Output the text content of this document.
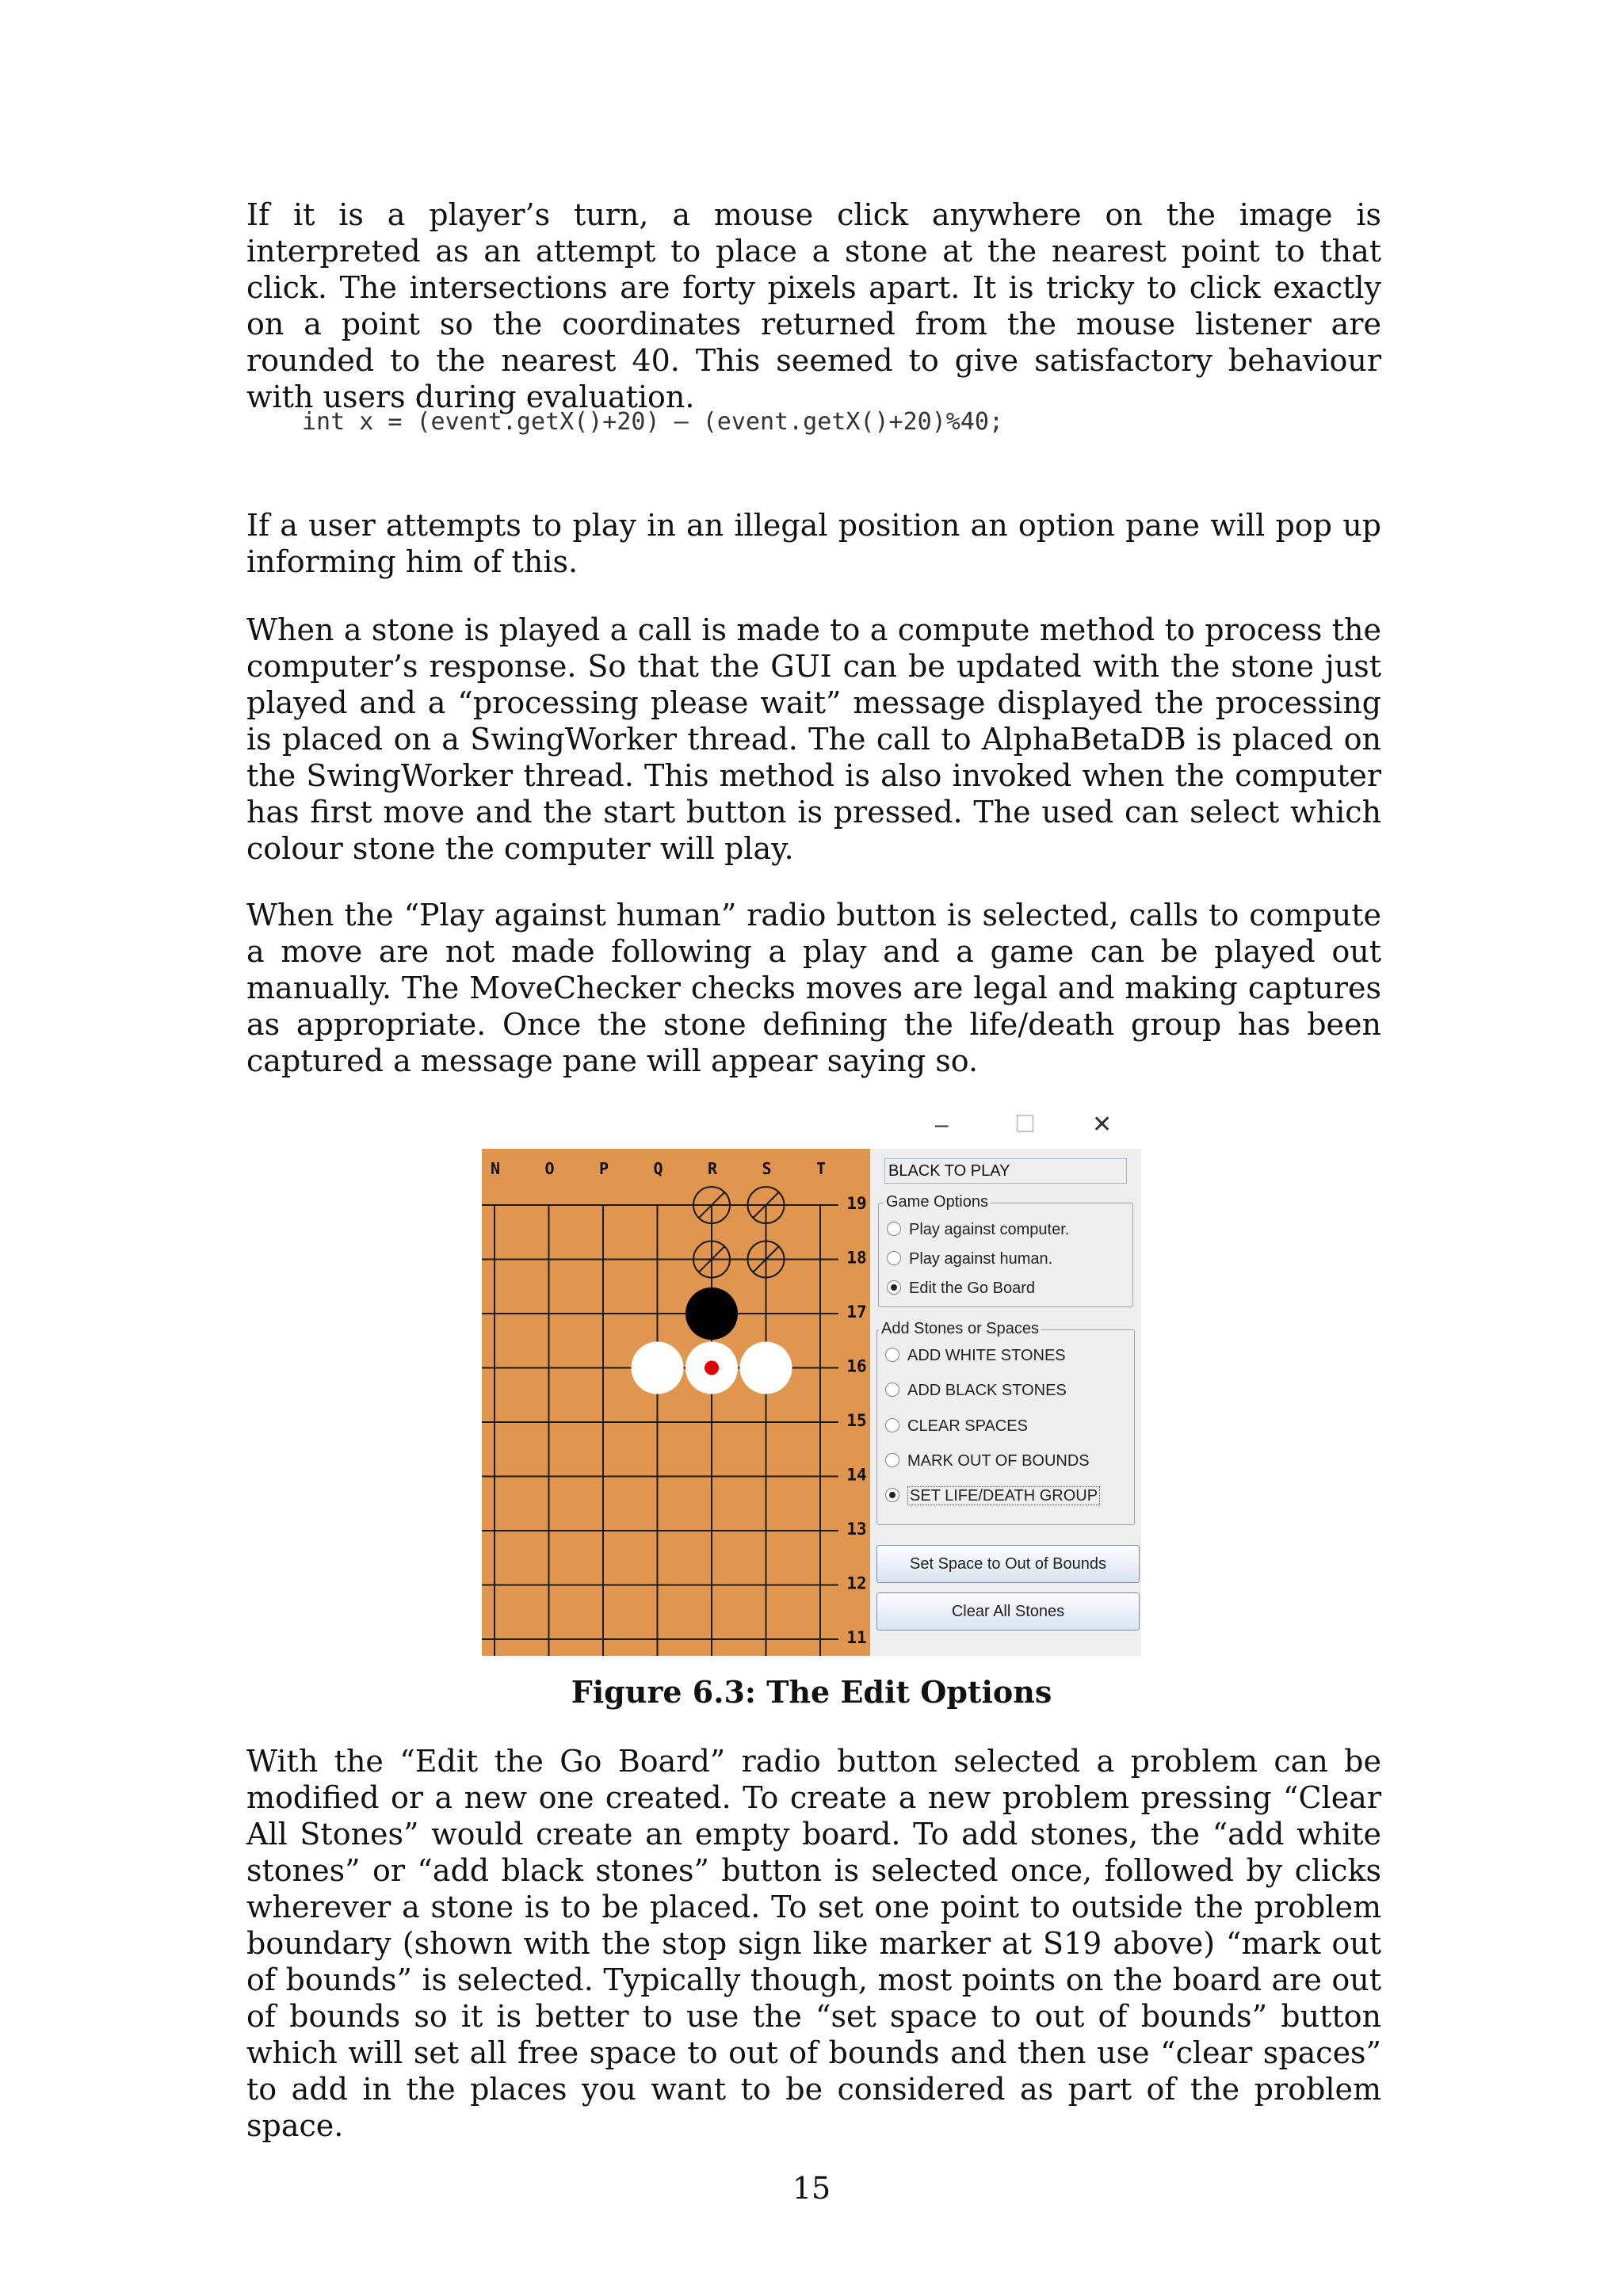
If it is a player’s turn, a mouse click anywhere on the image is interpreted as an attempt to place a stone at the nearest point to that click. The intersections are forty pixels apart. It is tricky to click exactly on a point so the coordinates returned from the mouse listener are rounded to the nearest 40. This seemed to give satisfactory behaviour with users during evaluation.

int x = (event.getX()+20) – (event.getX()+20)%40;

If a user attempts to play in an illegal position an option pane will pop up informing him of this.

When a stone is played a call is made to a compute method to process the computer’s response. So that the GUI can be updated with the stone just played and a “processing please wait” message displayed the processing is placed on a SwingWorker thread. The call to AlphaBetaDB is placed on the SwingWorker thread. This method is also invoked when the computer has first move and the start button is pressed. The used can select which colour stone the computer will play.

When the “Play against human” radio button is selected, calls to compute a move are not made following a play and a game can be played out manually. The MoveChecker checks moves are legal and making captures as appropriate. Once the stone defining the life/death group has been captured a message pane will appear saying so.

–	☐ ✕
N	O	P	Q	R	S	T
19
18
17
16
15
14
13
12
11
BLACK TO PLAY
Game Options
Play against computer.
Play against human.
Edit the Go Board
Add Stones or Spaces
ADD WHITE STONES
ADD BLACK STONES
CLEAR SPACES
MARK OUT OF BOUNDS
SET LIFE/DEATH GROUP
Set Space to Out of Bounds
Clear All Stones

Figure 6.3: The Edit Options

With the “Edit the Go Board” radio button selected a problem can be modified or a new one created. To create a new problem pressing “Clear All Stones” would create an empty board. To add stones, the “add white stones” or “add black stones” button is selected once, followed by clicks wherever a stone is to be placed. To set one point to outside the problem boundary (shown with the stop sign like marker at S19 above) “mark out of bounds” is selected. Typically though, most points on the board are out of bounds so it is better to use the “set space to out of bounds” button which will set all free space to out of bounds and then use “clear spaces” to add in the places you want to be considered as part of the problem space.

15
